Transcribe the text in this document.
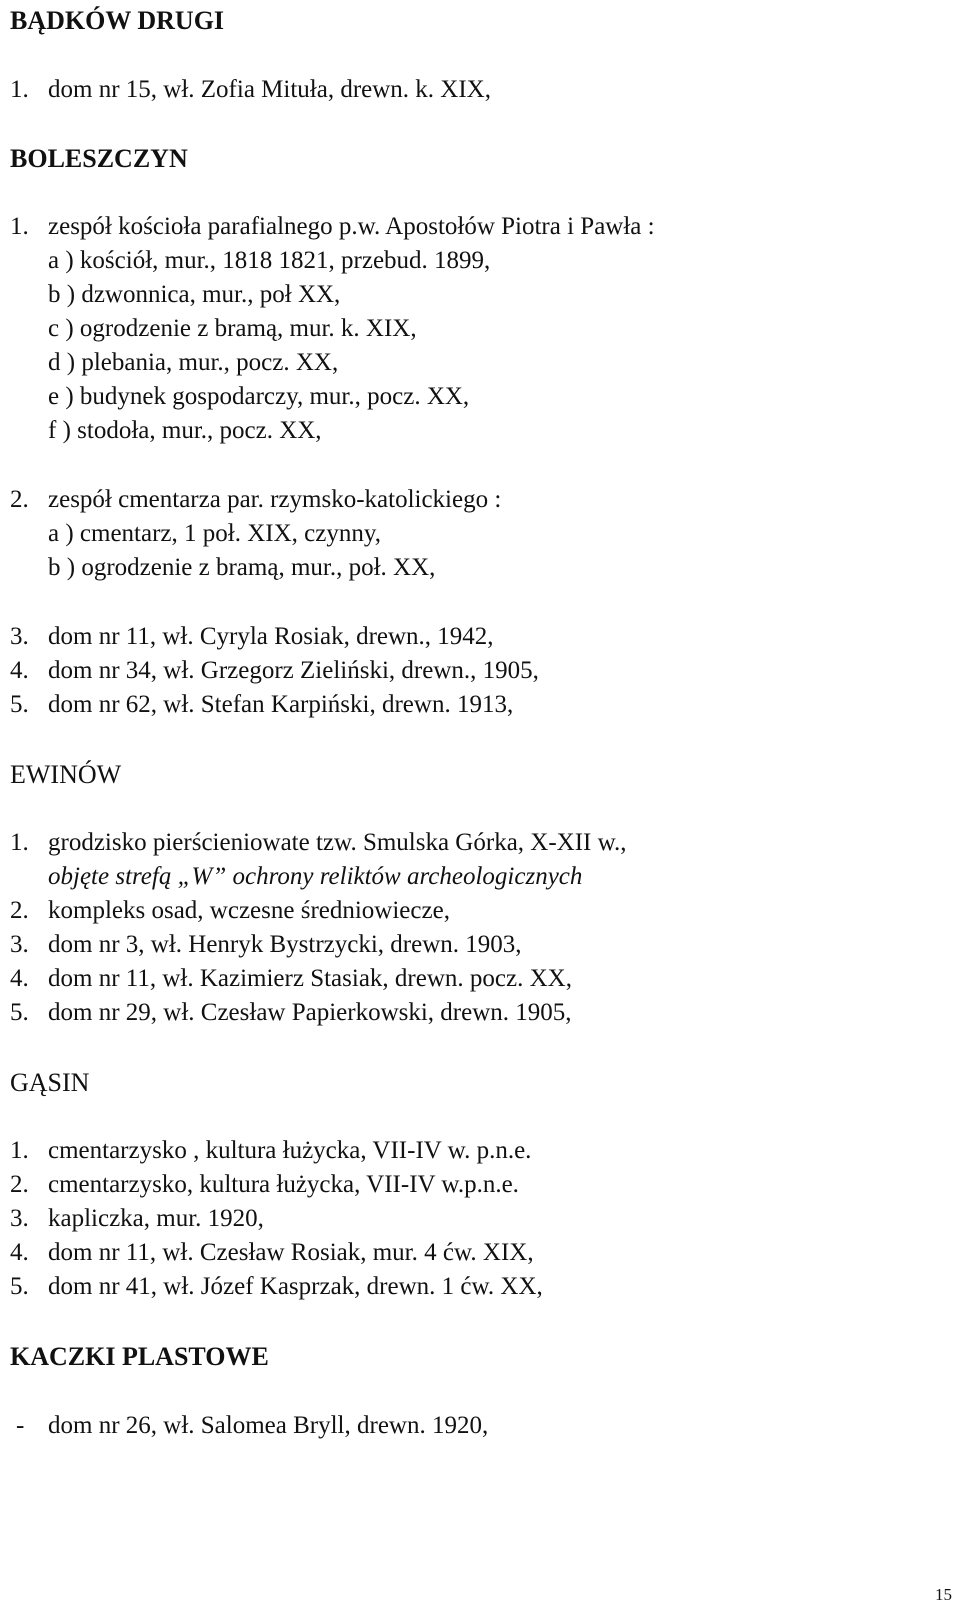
BĄDKÓW DRUGI
1. dom nr 15, wł. Zofia Mituła, drewn. k. XIX,
BOLESZCZYN
1. zespół kościoła parafialnego p.w. Apostołów Piotra i Pawła :
a ) kościół, mur., 1818 1821, przebud. 1899,
b ) dzwonnica, mur., poł XX,
c ) ogrodzenie z bramą, mur. k. XIX,
d ) plebania, mur., pocz. XX,
e ) budynek gospodarczy, mur., pocz. XX,
f ) stodoła, mur., pocz. XX,
2. zespół cmentarza par. rzymsko-katolickiego :
a ) cmentarz, 1 poł. XIX, czynny,
b ) ogrodzenie z bramą, mur., poł. XX,
3. dom nr 11, wł. Cyryla Rosiak, drewn., 1942,
4. dom nr 34, wł. Grzegorz Zieliński, drewn., 1905,
5. dom nr 62, wł. Stefan Karpiński, drewn. 1913,
EWINÓW
1. grodzisko pierścieniowate tzw. Smulska Górka, X-XII w.,
objęte strefą „W” ochrony reliktów archeologicznych
2. kompleks osad, wczesne średniowiecze,
3. dom nr 3, wł. Henryk Bystrzycki, drewn. 1903,
4. dom nr 11, wł. Kazimierz Stasiak, drewn. pocz. XX,
5. dom nr 29, wł. Czesław Papierkowski, drewn. 1905,
GĄSIN
1. cmentarzysko , kultura łużycka, VII-IV w. p.n.e.
2. cmentarzysko, kultura łużycka, VII-IV w.p.n.e.
3. kapliczka, mur. 1920,
4. dom nr 11, wł. Czesław Rosiak, mur. 4 ćw. XIX,
5. dom nr 41, wł. Józef Kasprzak, drewn. 1 ćw. XX,
KACZKI PLASTOWE
- dom nr 26, wł. Salomea Bryll, drewn. 1920,
15
